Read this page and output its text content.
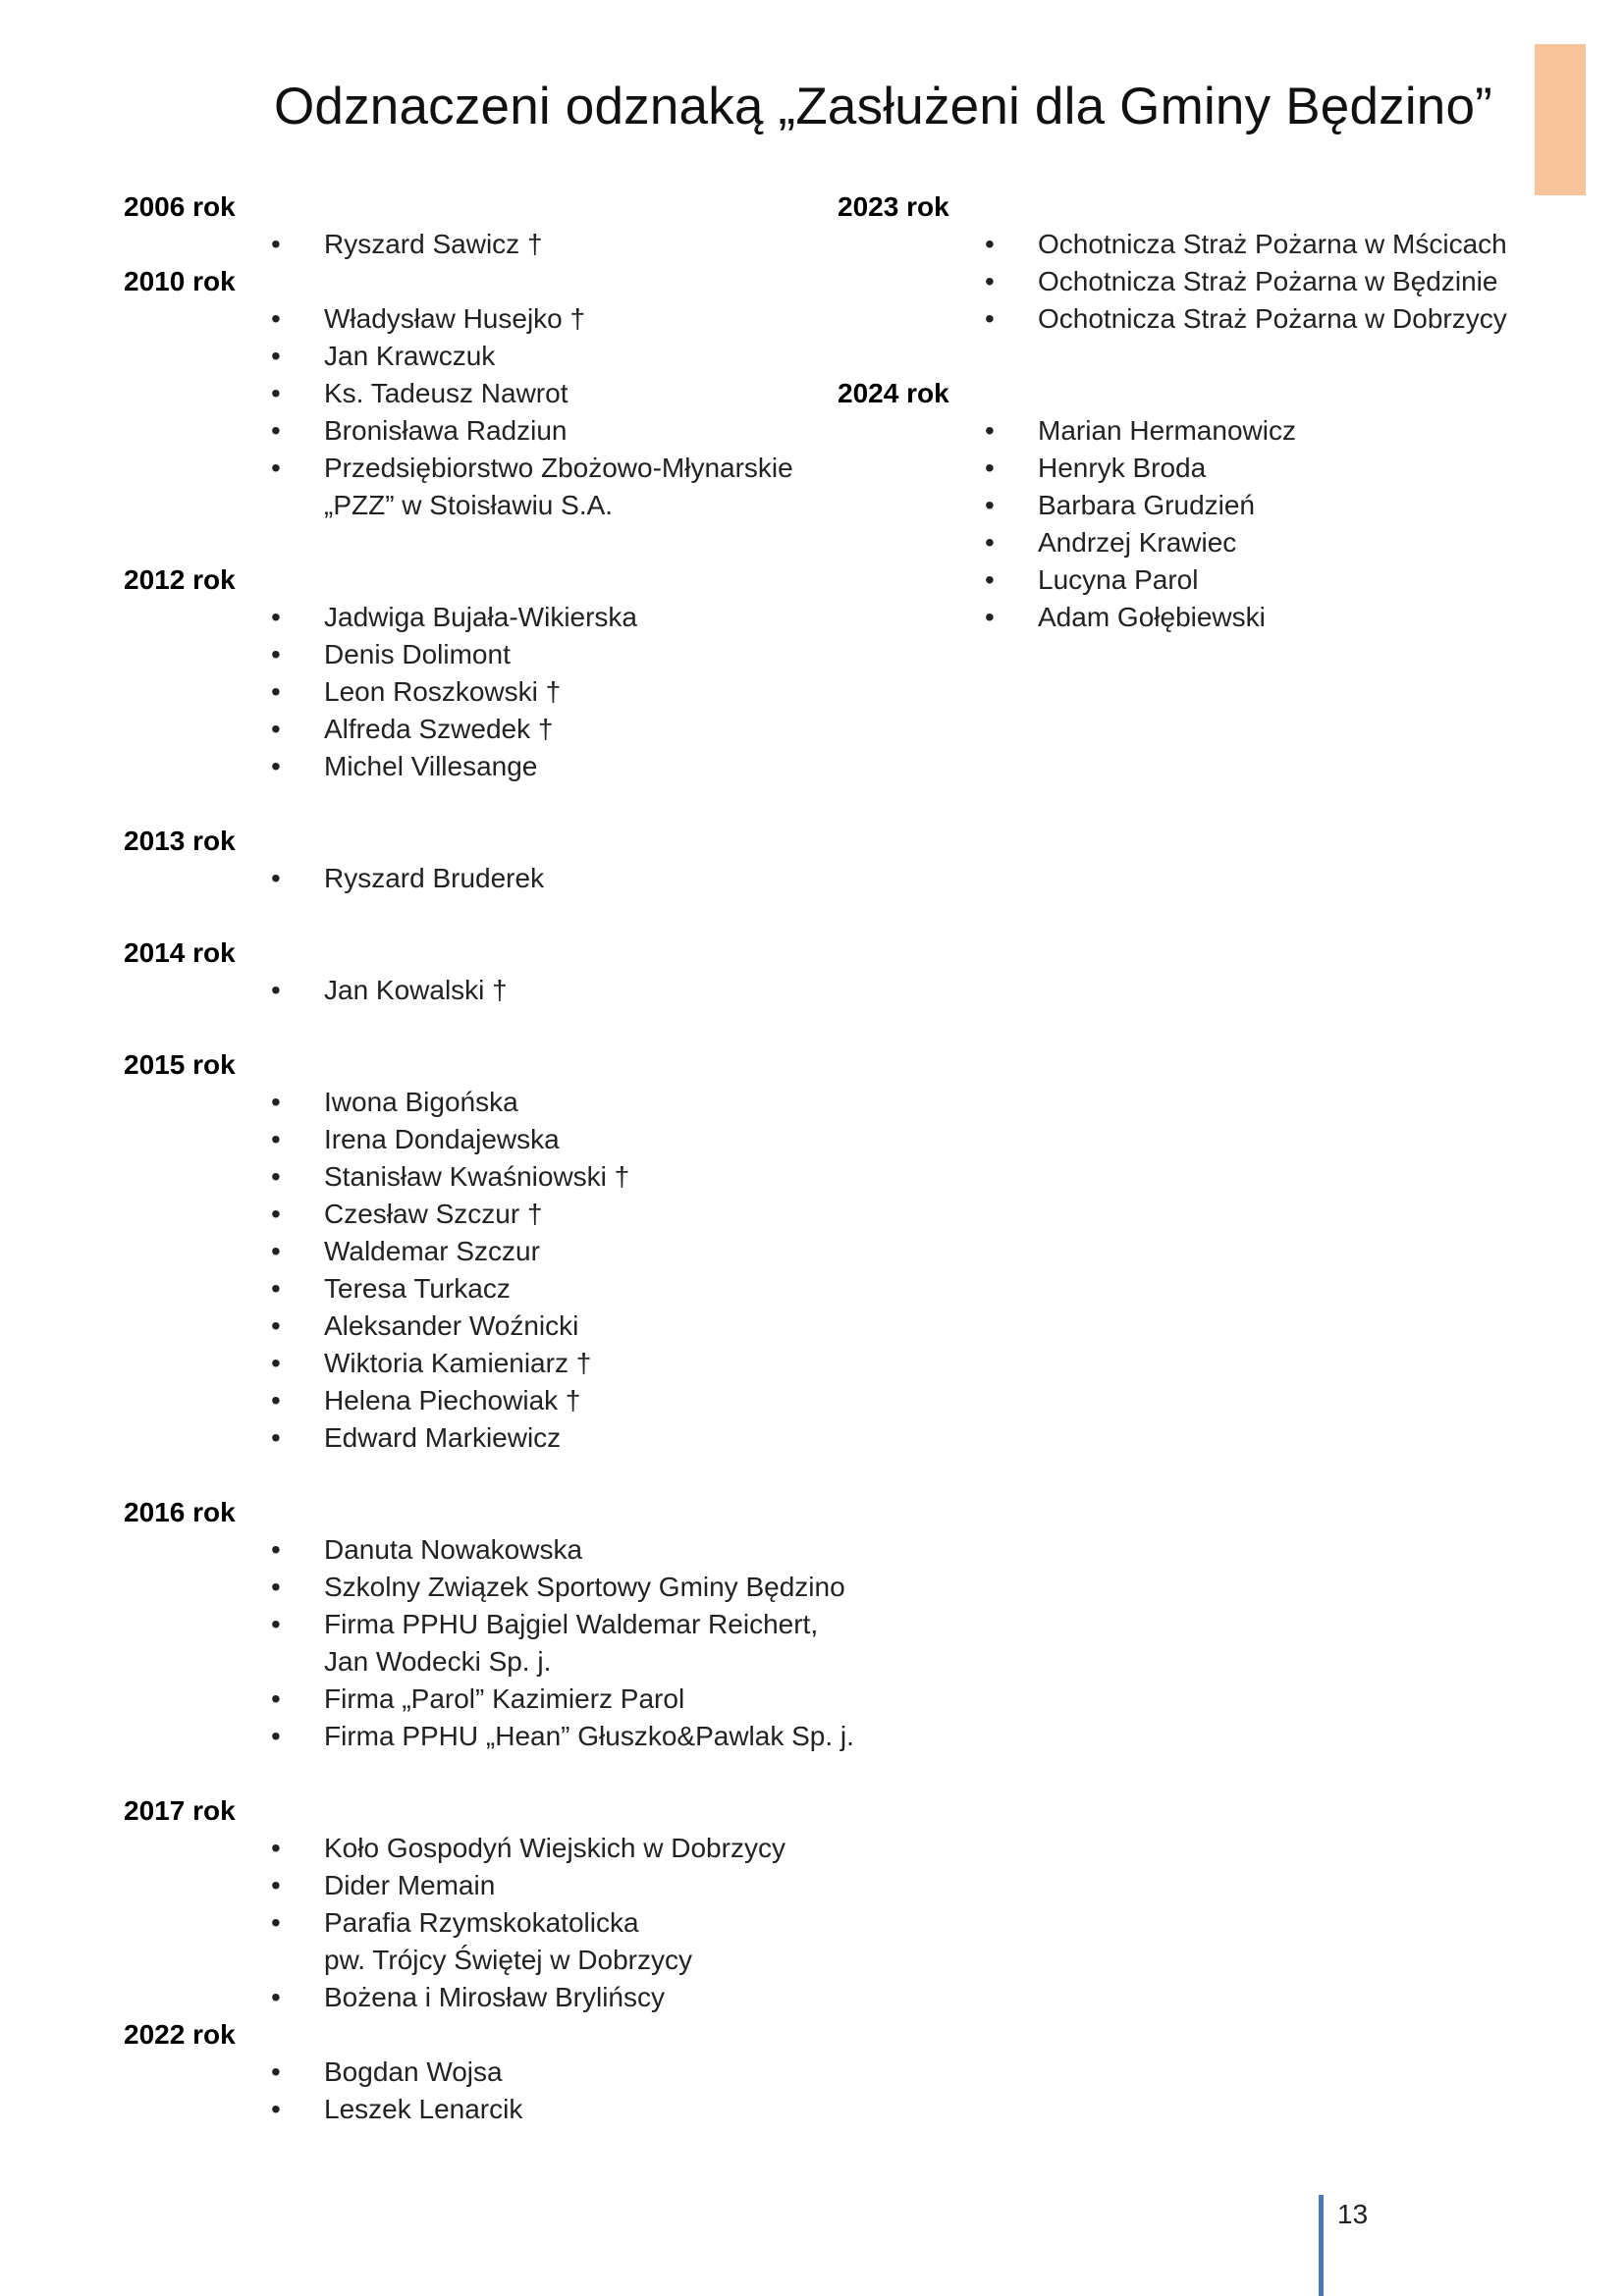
Odznaczeni odznaką „Zasłużeni dla Gminy Będzino”
2006 rok
• Ryszard Sawicz †
2010 rok
• Władysław Husejko †
• Jan Krawczuk
• Ks. Tadeusz Nawrot
• Bronisława Radziun
• Przedsiębiorstwo Zbożowo-Młynarskie
„PZZ” w Stoisławiu S.A.
2012 rok
• Jadwiga Bujała-Wikierska
• Denis Dolimont
• Leon Roszkowski †
• Alfreda Szwedek †
• Michel Villesange
2013 rok
• Ryszard Bruderek
2014 rok
• Jan Kowalski †
2015 rok
• Iwona Bigońska
• Irena Dondajewska
• Stanisław Kwaśniowski †
• Czesław Szczur †
• Waldemar Szczur
• Teresa Turkacz
• Aleksander Woźnicki
• Wiktoria Kamieniarz †
• Helena Piechowiak †
• Edward Markiewicz
2016 rok
• Danuta Nowakowska
• Szkolny Związek Sportowy Gminy Będzino
• Firma PPHU Bajgiel Waldemar Reichert,
Jan Wodecki Sp. j.
• Firma „Parol” Kazimierz Parol
• Firma PPHU „Hean” Głuszko&Pawlak Sp. j.
2017 rok
• Koło Gospodyń Wiejskich w Dobrzycy
• Dider Memain
• Parafia Rzymskokatolicka
pw. Trójcy Świętej w Dobrzycy
• Bożena i Mirosław Brylińscy
2022 rok
• Bogdan Wojsa
• Leszek Lenarcik
2023 rok
• Ochotnicza Straż Pożarna w Mścicach
• Ochotnicza Straż Pożarna w Będzinie
• Ochotnicza Straż Pożarna w Dobrzycy
2024 rok
• Marian Hermanowicz
• Henryk Broda
• Barbara Grudzień
• Andrzej Krawiec
• Lucyna Parol
• Adam Gołębiewski
13
